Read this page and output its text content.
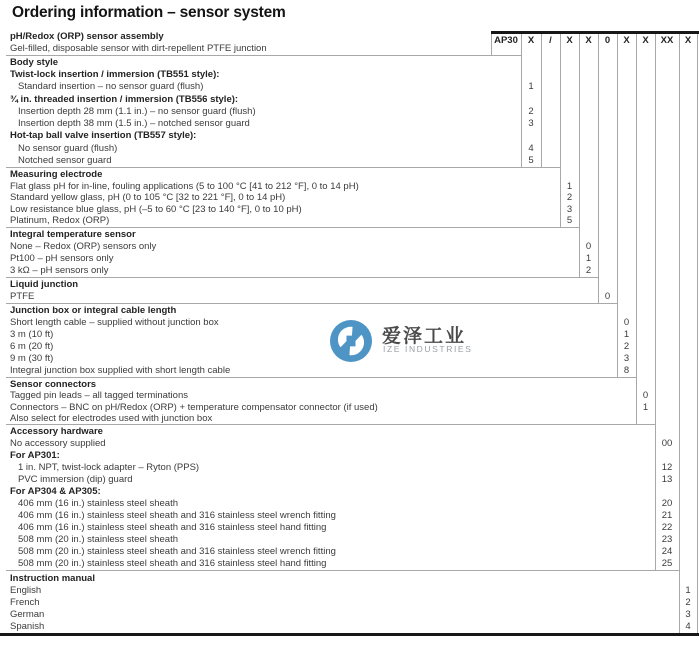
Ordering information – sensor system
AP30	X	/	X	X	0	X	X	XX	X
pH/Redox (ORP) sensor assembly
Gel-filled, disposable sensor with dirt-repellent PTFE junction
Body style
Twist-lock insertion / immersion (TB551 style):
Standard insertion – no sensor guard (flush)	1
¾ in. threaded insertion / immersion (TB556 style):
Insertion depth 28 mm (1.1 in.) – no sensor guard (flush)	2
Insertion depth 38 mm (1.5 in.) – notched sensor guard	3
Hot-tap ball valve insertion (TB557 style):
No sensor guard (flush)	4
Notched sensor guard	5
Measuring electrode
Flat glass pH for in-line, fouling applications (5 to 100 °C [41 to 212 °F], 0 to 14 pH)	1
Standard yellow glass, pH (0 to 105 °C [32 to 221 °F], 0 to 14 pH)	2
Low resistance blue glass, pH (–5 to 60 °C [23 to 140 °F], 0 to 10 pH)	3
Platinum, Redox (ORP)	5
Integral temperature sensor
None – Redox (ORP) sensors only	0
Pt100 – pH sensors only	1
3 kΩ – pH sensors only	2
Liquid junction
PTFE	0
Junction box or integral cable length
Short length cable – supplied without junction box	0
3 m (10 ft)	1
6 m (20 ft)	2
9 m (30 ft)	3
Integral junction box supplied with short length cable	8
Sensor connectors
Tagged pin leads – all tagged terminations	0
Connectors – BNC on pH/Redox (ORP) + temperature compensator connector (if used)	1
Also select for electrodes used with junction box
Accessory hardware
No accessory supplied	00
For AP301:
1 in. NPT, twist-lock adapter – Ryton (PPS)	12
PVC immersion (dip) guard	13
For AP304 & AP305:
406 mm (16 in.) stainless steel sheath	20
406 mm (16 in.) stainless steel sheath and 316 stainless steel wrench fitting	21
406 mm (16 in.) stainless steel sheath and 316 stainless steel hand fitting	22
508 mm (20 in.) stainless steel sheath	23
508 mm (20 in.) stainless steel sheath and 316 stainless steel wrench fitting	24
508 mm (20 in.) stainless steel sheath and 316 stainless steel hand fitting	25
Instruction manual
English	1
French	2
German	3
Spanish	4
爱泽工业
IZE INDUSTRIES
